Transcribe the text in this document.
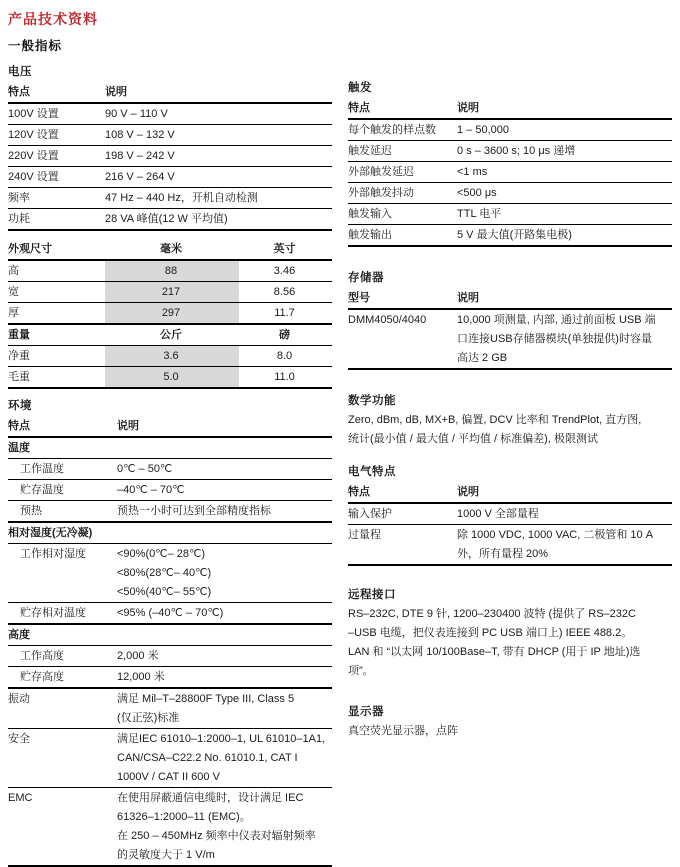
产品技术资料
一般指标
电压
特点	说明
100V 设置	90 V – 110 V
120V 设置	108 V – 132 V
220V 设置	198 V – 242 V
240V 设置	216 V – 264 V
频率	47 Hz – 440 Hz，开机自动检测
功耗	28 VA 峰值(12 W 平均值)
外观尺寸	毫米	英寸
高	88	3.46
宽	217	8.56
厚	297	11.7
重量	公斤	磅
净重	3.6	8.0
毛重	5.0	11.0
环境
特点	说明
温度	
工作温度	0℃ – 50℃
贮存温度	–40℃ – 70℃
预热	预热一小时可达到全部精度指标
相对湿度(无冷凝)	
工作相对湿度	<90%(0℃– 28℃)
<80%(28℃– 40℃)
<50%(40℃– 55℃)

贮存相对温度	<95% (–40℃ – 70℃)
高度	
工作高度	2,000 米
贮存高度	12,000 米
振动	满足 Mil–T–28800F Type III, Class 5
(仅正弦)标准

安全	满足IEC 61010–1:2000–1, UL 61010–1A1,
CAN/CSA–C22.2 No. 61010.1, CAT I
1000V / CAT II 600 V

EMC	在使用屏蔽通信电缆时，设计满足 IEC
61326–1:2000–11 (EMC)。
在 250 – 450MHz 频率中仪表对辐射频率
的灵敏度大于 1 V/m
触发
特点	说明
每个触发的样点数	1 – 50,000
触发延迟	0 s – 3600 s; 10 μs 递增
外部触发延迟	<1 ms
外部触发抖动	<500 μs
触发输入	TTL 电平
触发输出	5 V 最大值(开路集电极)
存储器
型号	说明
DMM4050/4040	10,000 项测量, 内部, 通过前面板 USB 端
口连接USB存储器模块(单独提供)时容量
高达 2 GB
数学功能
Zero, dBm, dB, MX+B, 偏置, DCV 比率和 TrendPlot, 直方图,
统计(最小值 / 最大值 / 平均值 / 标准偏差), 极限测试
电气特点
特点	说明
输入保护	1000 V 全部量程
过量程	除 1000 VDC, 1000 VAC, 二极管和 10 A
外，所有量程 20%
远程接口
RS–232C, DTE 9 针, 1200–230400 波特 (提供了 RS–232C
–USB 电缆，把仪表连接到 PC USB 端口上) IEEE 488.2。
LAN 和 “以太网 10/100Base–T, 带有 DHCP (用于 IP 地址)选
项”。
显示器
真空荧光显示器，点阵
